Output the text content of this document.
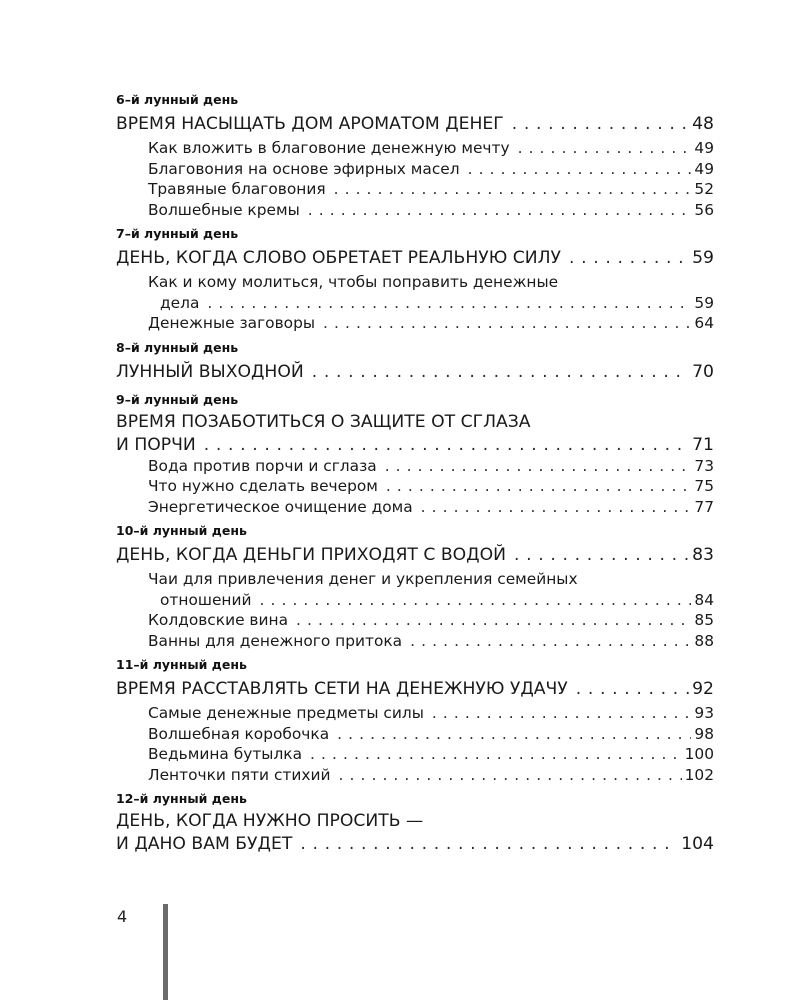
6–й лунный день
ВРЕМЯ НАСЫЩАТЬ ДОМ АРОМАТОМ ДЕНЕГ . . .	48
Как вложить в благовоние денежную мечту . . .	49
Благовония на основе эфирных масел . . .	49
Травяные благовония . . .	52
Волшебные кремы . . .	56
7–й лунный день
ДЕНЬ, КОГДА СЛОВО ОБРЕТАЕТ РЕАЛЬНУЮ СИЛУ . . .	59
Как и кому молиться, чтобы поправить денежные
дела . . .	59
Денежные заговоры . . .	64
8–й лунный день
ЛУННЫЙ ВЫХОДНОЙ . . .	70
9–й лунный день
ВРЕМЯ ПОЗАБОТИТЬСЯ О ЗАЩИТЕ ОТ СГЛАЗА
И ПОРЧИ . . .	71
Вода против порчи и сглаза . . .	73
Что нужно сделать вечером . . .	75
Энергетическое очищение дома . . .	77
10–й лунный день
ДЕНЬ, КОГДА ДЕНЬГИ ПРИХОДЯТ С ВОДОЙ . . .	83
Чаи для привлечения денег и укрепления семейных
отношений . . .	84
Колдовские вина . . .	85
Ванны для денежного притока . . .	88
11–й лунный день
ВРЕМЯ РАССТАВЛЯТЬ СЕТИ НА ДЕНЕЖНУЮ УДАЧУ . . .	92
Самые денежные предметы силы . . .	93
Волшебная коробочка . . .	98
Ведьмина бутылка . . .	100
Ленточки пяти стихий . . .	102
12–й лунный день
ДЕНЬ, КОГДА НУЖНО ПРОСИТЬ —
И ДАНО ВАМ БУДЕТ . . .	104
4
